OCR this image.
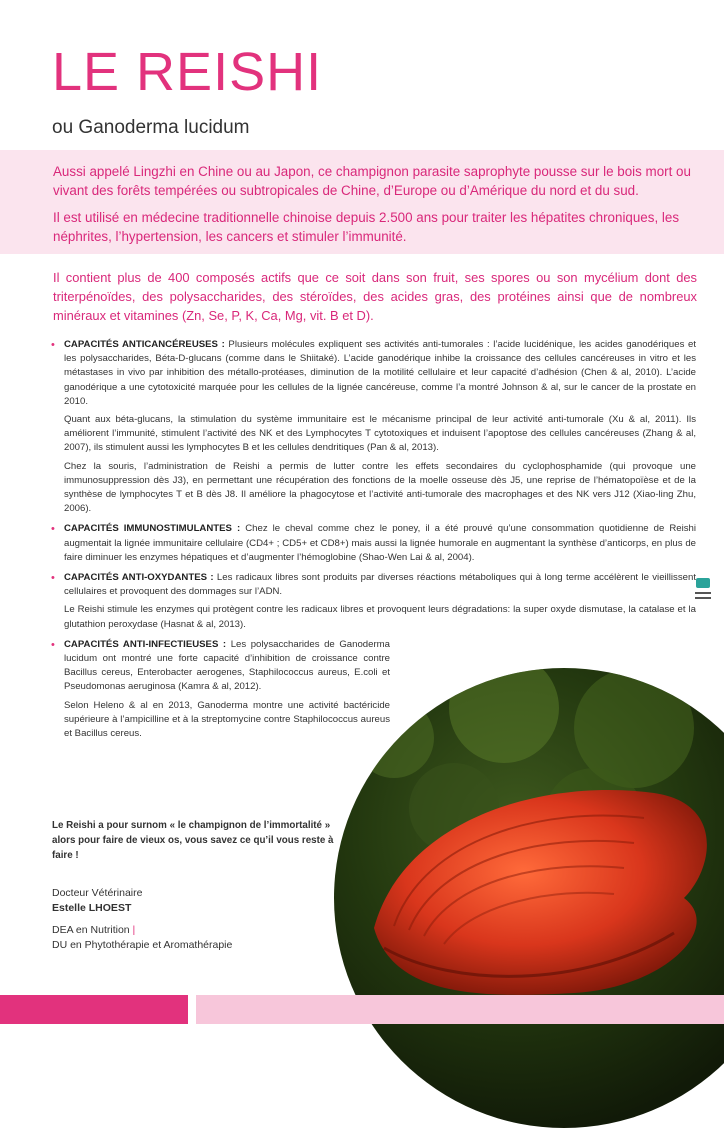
LE REISHI
ou Ganoderma lucidum

Aussi appelé Lingzhi en Chine ou au Japon, ce champignon parasite saprophyte pousse sur le bois mort ou vivant des forêts tempérées ou subtropicales de Chine, d’Europe ou d’Amérique du nord et du sud.

Il est utilisé en médecine traditionnelle chinoise depuis 2.500 ans pour traiter les hépatites chroniques, les néphrites, l’hypertension, les cancers et stimuler l’immunité.

Il contient plus de 400 composés actifs que ce soit dans son fruit, ses spores ou son mycélium dont des triterpénoïdes, des polysaccharides, des stéroïdes, des acides gras, des protéines ainsi que de nombreux minéraux et vitamines (Zn, Se, P, K, Ca, Mg, vit. B et D).

• CAPACITÉS ANTICANCÉREUSES : Plusieurs molécules expliquent ses activités anti-tumorales : l’acide lucidénique, les acides ganodériques et les polysaccharides, Béta-D-glucans (comme dans le Shiitaké). L’acide ganodérique inhibe la croissance des cellules cancéreuses in vitro et les métastases in vivo par inhibition des métallo-protéases, diminution de la motilité cellulaire et leur capacité d’adhésion (Chen & al, 2010). L’acide ganodérique a une cytotoxicité marquée pour les cellules de la lignée cancéreuse, comme l’a montré Johnson & al, sur le cancer de la prostate en 2010.

Quant aux béta-glucans, la stimulation du système immunitaire est le mécanisme principal de leur activité anti-tumorale (Xu & al, 2011). Ils améliorent l’immunité, stimulent l’activité des NK et des Lymphocytes T cytotoxiques et induisent l’apoptose des cellules cancéreuses (Zhang & al, 2007), ils stimulent aussi les lymphocytes B et les cellules dendritiques (Pan & al, 2013).

Chez la souris, l’administration de Reishi a permis de lutter contre les effets secondaires du cyclophosphamide (qui provoque une immunosuppression dès J3), en permettant une récupération des fonctions de la moelle osseuse dès J5, une reprise de l’hématopoïèse et de la synthèse de lymphocytes T et B dès J8. Il améliore la phagocytose et l’activité anti-tumorale des macrophages et des NK vers J12 (Xiao-ling Zhu, 2006).

• CAPACITÉS IMMUNOSTIMULANTES : Chez le cheval comme chez le poney, il a été prouvé qu’une consommation quotidienne de Reishi augmentait la lignée immunitaire cellulaire (CD4+ ; CD5+ et CD8+) mais aussi la lignée humorale en augmentant la synthèse d’anticorps, en plus de faire diminuer les enzymes hépatiques et d’augmenter l’hémoglobine (Shao-Wen Lai & al, 2004).
• CAPACITÉS ANTI-OXYDANTES : Les radicaux libres sont produits par diverses réactions métaboliques qui à long terme accélèrent le vieillissent cellulaires et provoquent des dommages sur l’ADN.

Le Reishi stimule les enzymes qui protègent contre les radicaux libres et provoquent leurs dégradations: la super oxyde dismutase, la catalase et la glutathion peroxydase (Hasnat & al, 2013).

• CAPACITÉS ANTI-INFECTIEUSES : Les polysaccharides de Ganoderma lucidum ont montré une forte capacité d’inhibition de croissance contre Bacillus cereus, Enterobacter aerogenes, Staphilococcus aureus, E.coli et Pseudomonas aeruginosa (Kamra & al, 2012).

Selon Heleno & al en 2013, Ganoderma montre une activité bactéricide supérieure à l’ampicilline et à la streptomycine contre Staphilococcus aureus et Bacillus cereus.

Le Reishi a pour surnom « le champignon de l’immortalité » alors pour faire de vieux os, vous savez ce qu’il vous reste à faire !

Docteur Vétérinaire
Estelle LHOEST
DEA en Nutrition |
DU en Phytothérapie et Aromathérapie
